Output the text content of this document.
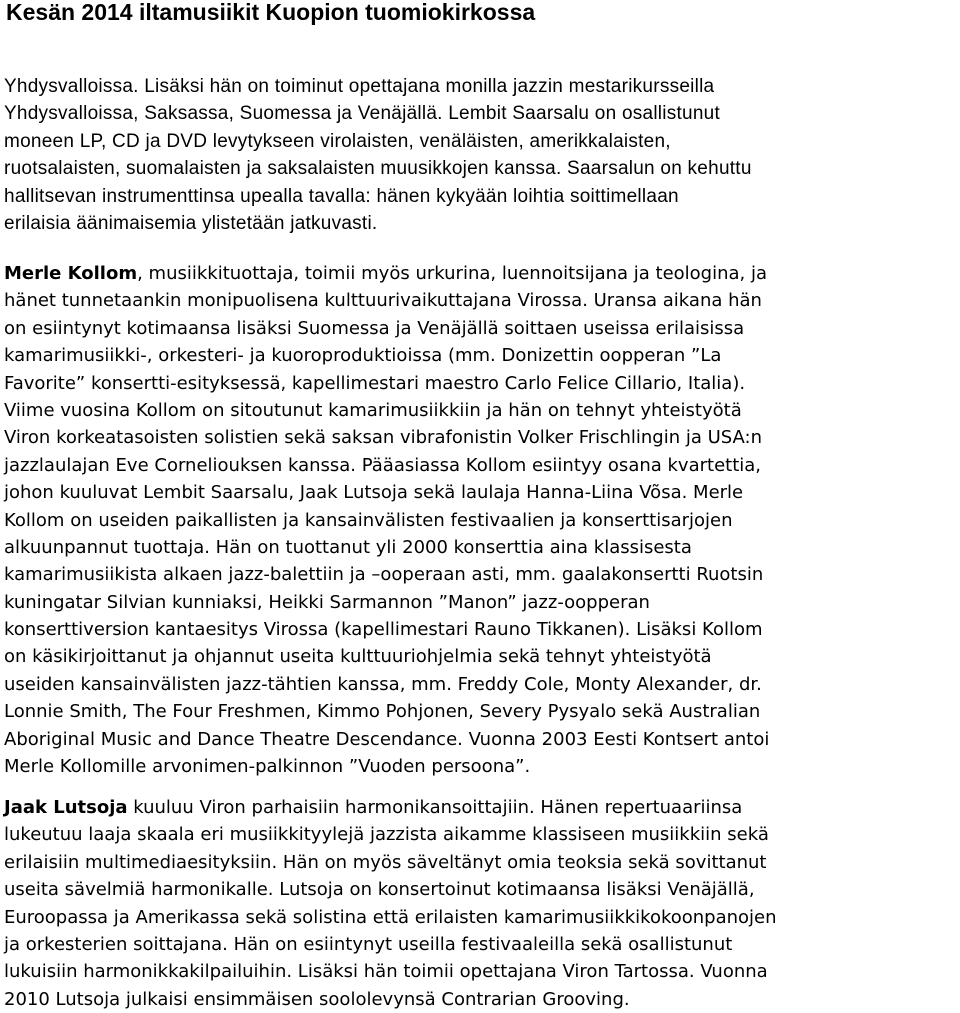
Kesän 2014 iltamusiikit Kuopion tuomiokirkossa
Yhdysvalloissa. Lisäksi hän on toiminut opettajana monilla jazzin mestarikursseilla
Yhdysvalloissa, Saksassa, Suomessa ja Venäjällä. Lembit Saarsalu on osallistunut
moneen LP, CD ja DVD levytykseen virolaisten, venäläisten, amerikkalaisten,
ruotsalaisten, suomalaisten ja saksalaisten muusikkojen kanssa. Saarsalun on kehuttu
hallitsevan instrumenttinsa upealla tavalla: hänen kykyään loihtia soittimellaan
erilaisia äänimaisemia ylistetään jatkuvasti.
Merle Kollom, musiikkituottaja, toimii myös urkurina, luennoitsijana ja teologina, ja
hänet tunnetaankin monipuolisena kulttuurivaikuttajana Virossa. Uransa aikana hän
on esiintynyt kotimaansa lisäksi Suomessa ja Venäjällä soittaen useissa erilaisissa
kamarimusiikki-, orkesteri- ja kuoroproduktioissa (mm. Donizettin oopperan ”La
Favorite” konsertti-esityksessä, kapellimestari maestro Carlo Felice Cillario, Italia).
Viime vuosina Kollom on sitoutunut kamarimusiikkiin ja hän on tehnyt yhteistyötä
Viron korkeatasoisten solistien sekä saksan vibrafonistin Volker Frischlingin ja USA:n
jazzlaulajan Eve Corneliouksen kanssa. Pääasiassa Kollom esiintyy osana kvartettia,
johon kuuluvat Lembit Saarsalu, Jaak Lutsoja sekä laulaja Hanna-Liina Võsa. Merle
Kollom on useiden paikallisten ja kansainvälisten festivaalien ja konserttisarjojen
alkuunpannut tuottaja. Hän on tuottanut yli 2000 konserttia aina klassisesta
kamarimusiikista alkaen jazz-balettiin ja –ooperaan asti, mm. gaalakonsertti Ruotsin
kuningatar Silvian kunniaksi, Heikki Sarmannon ”Manon” jazz-oopperan
konserttiversion kantaesitys Virossa (kapellimestari Rauno Tikkanen). Lisäksi Kollom
on käsikirjoittanut ja ohjannut useita kulttuuriohjelmia sekä tehnyt yhteistyötä
useiden kansainvälisten jazz-tähtien kanssa, mm. Freddy Cole, Monty Alexander, dr.
Lonnie Smith, The Four Freshmen, Kimmo Pohjonen, Severy Pysyalo sekä Australian
Aboriginal Music and Dance Theatre Descendance. Vuonna 2003 Eesti Kontsert antoi
Merle Kollomille arvonimen-palkinnon ”Vuoden persoona”.
Jaak Lutsoja kuuluu Viron parhaisiin harmonikansoittajiin. Hänen repertuaariinsa
lukeutuu laaja skaala eri musiikkityylejä jazzista aikamme klassiseen musiikkiin sekä
erilaisiin multimediaesityksiin. Hän on myös säveltänyt omia teoksia sekä sovittanut
useita sävelmiä harmonikalle. Lutsoja on konsertoinut kotimaansa lisäksi Venäjällä,
Euroopassa ja Amerikassa sekä solistina että erilaisten kamarimusiikkikokoonpanojen
ja orkesterien soittajana. Hän on esiintynyt useilla festivaaleilla sekä osallistunut
lukuisiin harmonikkakilpailuihin. Lisäksi hän toimii opettajana Viron Tartossa. Vuonna
2010 Lutsoja julkaisi ensimmäisen soololevynsä Contrarian Grooving.
